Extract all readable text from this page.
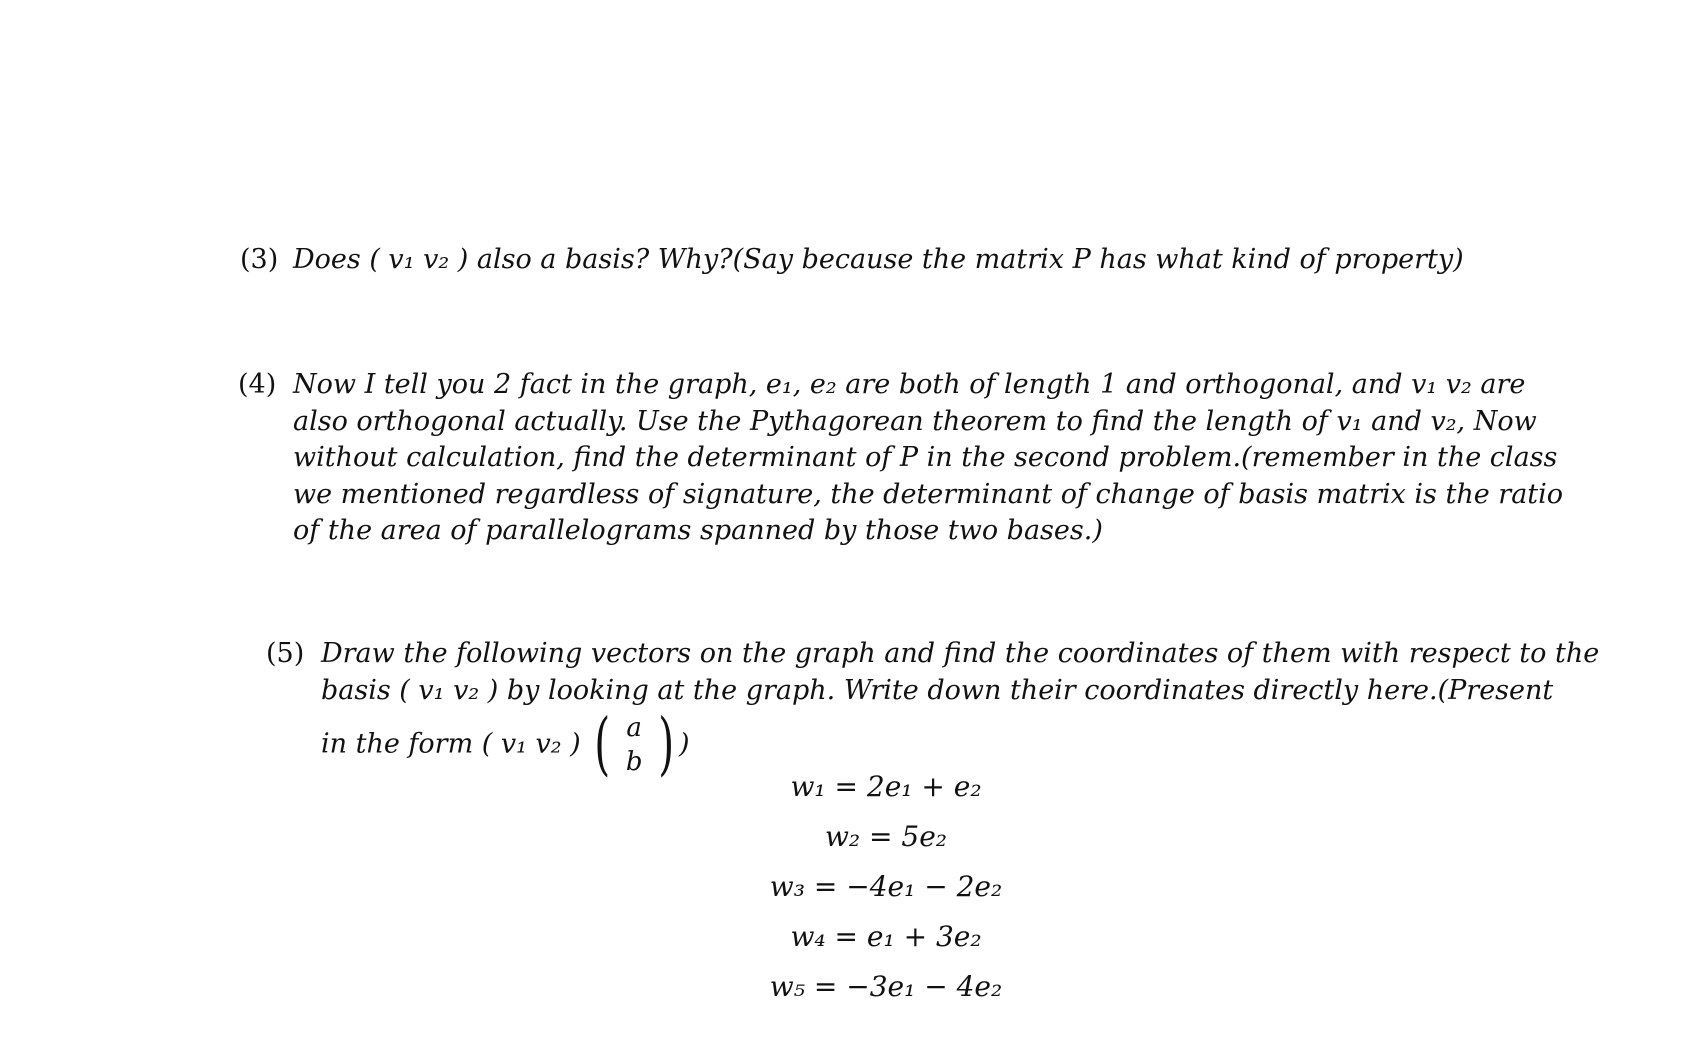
(3) Does ( v₁ v₂ ) also a basis? Why?(Say because the matrix P has what kind of property)

(4) Now I tell you 2 fact in the graph, e₁, e₂ are both of length 1 and orthogonal, and v₁ v₂ are

also orthogonal actually. Use the Pythagorean theorem to find the length of v₁ and v₂, Now

without calculation, find the determinant of P in the second problem.(remember in the class

we mentioned regardless of signature, the determinant of change of basis matrix is the ratio

of the area of parallelograms spanned by those two bases.)

(5) Draw the following vectors on the graph and find the coordinates of them with respect to the

basis ( v₁ v₂ ) by looking at the graph. Write down their coordinates directly here.(Present

in the form ( v₁ v₂ ) ( a
b ) )
w₁ = 2e₁ + e₂
w₂ = 5e₂
w₃ = −4e₁ − 2e₂
w₄ = e₁ + 3e₂
w₅ = −3e₁ − 4e₂
